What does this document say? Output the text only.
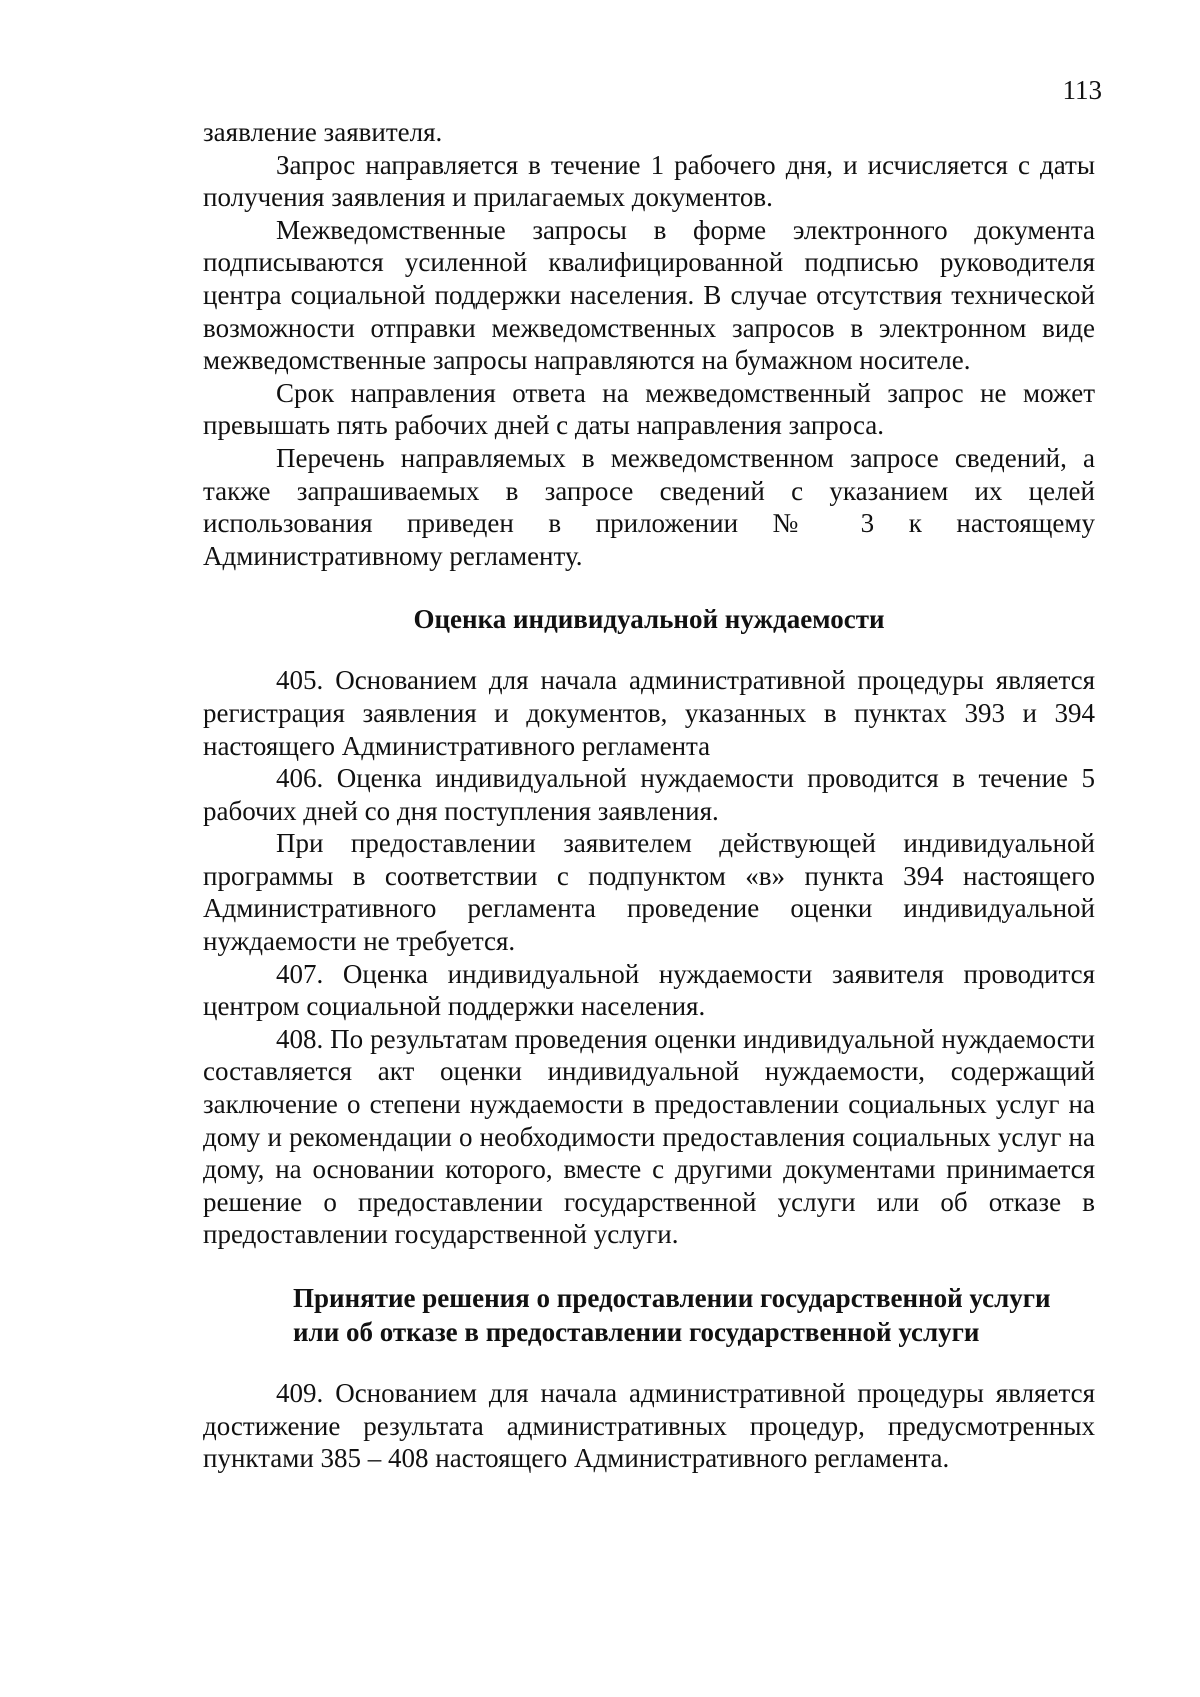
113

заявление заявителя.

Запрос направляется в течение 1 рабочего дня, и исчисляется с даты получения заявления и прилагаемых документов.

Межведомственные запросы в форме электронного документа подписываются усиленной квалифицированной подписью руководителя центра социальной поддержки населения. В случае отсутствия технической возможности отправки межведомственных запросов в электронном виде межведомственные запросы направляются на бумажном носителе.

Срок направления ответа на межведомственный запрос не может превышать пять рабочих дней с даты направления запроса.

Перечень направляемых в межведомственном запросе сведений, а также запрашиваемых в запросе сведений с указанием их целей использования приведен в приложении № 3 к настоящему Административному регламенту.

Оценка индивидуальной нуждаемости

405. Основанием для начала административной процедуры является регистрация заявления и документов, указанных в пунктах 393 и 394 настоящего Административного регламента

406. Оценка индивидуальной нуждаемости проводится в течение 5 рабочих дней со дня поступления заявления.

При предоставлении заявителем действующей индивидуальной программы в соответствии с подпунктом «в» пункта 394 настоящего Административного регламента проведение оценки индивидуальной нуждаемости не требуется.

407. Оценка индивидуальной нуждаемости заявителя проводится центром социальной поддержки населения.

408. По результатам проведения оценки индивидуальной нуждаемости составляется акт оценки индивидуальной нуждаемости, содержащий заключение о степени нуждаемости в предоставлении социальных услуг на дому и рекомендации о необходимости предоставления социальных услуг на дому, на основании которого, вместе с другими документами принимается решение о предоставлении государственной услуги или об отказе в предоставлении государственной услуги.

Принятие решения о предоставлении государственной услуги
или об отказе в предоставлении государственной услуги

409. Основанием для начала административной процедуры является достижение результата административных процедур, предусмотренных пунктами 385 – 408 настоящего Административного регламента.
